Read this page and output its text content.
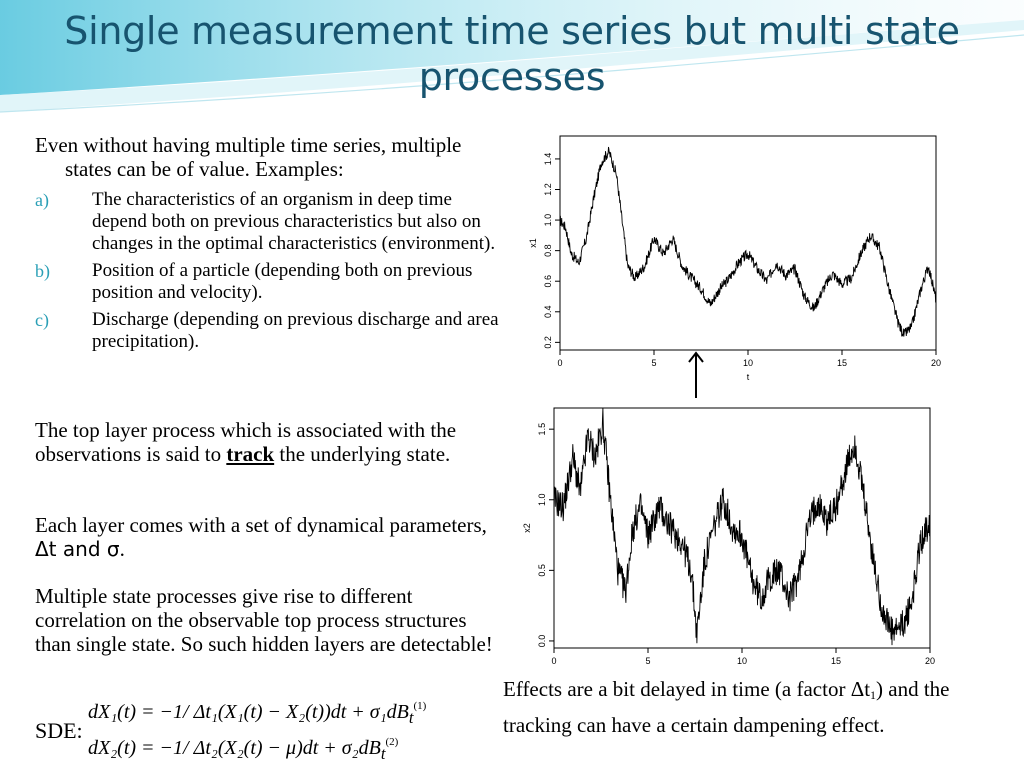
Single measurement time series but multi state processes
Even without having multiple time series, multiple states can be of value. Examples:
a) The characteristics of an organism in deep time depend both on previous characteristics but also on changes in the optimal characteristics (environment).
b) Position of a particle (depending both on previous position and velocity).
c) Discharge (depending on previous discharge and area precipitation).
The top layer process which is associated with the observations is said to track the underlying state.
Each layer comes with a set of dynamical parameters, Δt and σ.
Multiple state processes give rise to different correlation on the observable top process structures than single state. So such hidden layers are detectable!
SDE:
dX₁(t) = −1/ $\Delta t_1(X_1(t) - X_2(t))dt + \sigma_1dB_t^{(1)}$
dX₂(t) = −1/ $\Delta t_2(X_2(t) - \mu)dt + \sigma_2dB_t^{(2)}$
0	5	10	15	20
0.2
0.4
0.6
0.8
1.0
1.2
1.4
t
x1
0	5	10	15	20
0.0
0.5
1.0
1.5
x2
Effects are a bit delayed in time (a factor $\Delta t_1$) and the tracking can have a certain dampening effect.
